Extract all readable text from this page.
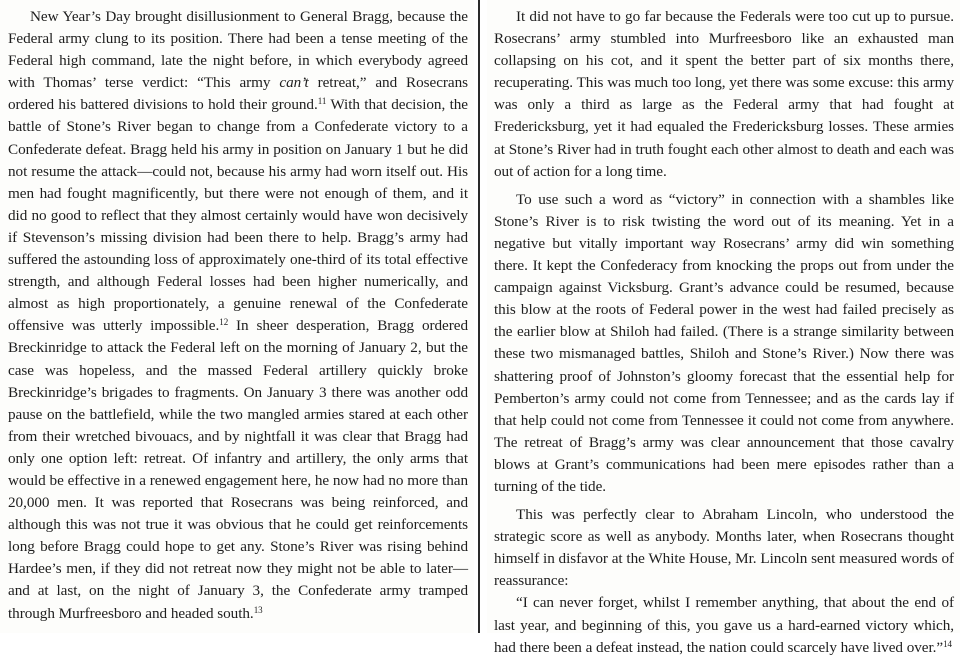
New Year’s Day brought disillusionment to General Bragg, because the Federal army clung to its position. There had been a tense meeting of the Federal high command, late the night before, in which everybody agreed with Thomas’ terse verdict: “This army can’t retreat,” and Rosecrans ordered his battered divisions to hold their ground.$^{11}$ With that decision, the battle of Stone’s River began to change from a Confederate victory to a Confederate defeat. Bragg held his army in position on January 1 but he did not resume the attack—could not, because his army had worn itself out. His men had fought magnificently, but there were not enough of them, and it did no good to reflect that they almost certainly would have won decisively if Stevenson’s missing division had been there to help. Bragg’s army had suffered the astounding loss of approximately one-third of its total effective strength, and although Federal losses had been higher numerically, and almost as high proportionately, a genuine renewal of the Confederate offensive was utterly impossible.$^{12}$ In sheer desperation, Bragg ordered Breckinridge to attack the Federal left on the morning of January 2, but the case was hopeless, and the massed Federal artillery quickly broke Breckinridge’s brigades to fragments. On January 3 there was another odd pause on the battlefield, while the two mangled armies stared at each other from their wretched bivouacs, and by nightfall it was clear that Bragg had only one option left: retreat. Of infantry and artillery, the only arms that would be effective in a renewed engagement here, he now had no more than 20,000 men. It was reported that Rosecrans was being reinforced, and although this was not true it was obvious that he could get reinforcements long before Bragg could hope to get any. Stone’s River was rising behind Hardee’s men, if they did not retreat now they might not be able to later—and at last, on the night of January 3, the Confederate army tramped through Murfreesboro and headed south.$^{13}$

It did not have to go far because the Federals were too cut up to pursue. Rosecrans’ army stumbled into Murfreesboro like an exhausted man collapsing on his cot, and it spent the better part of six months there, recuperating. This was much too long, yet there was some excuse: this army was only a third as large as the Federal army that had fought at Fredericksburg, yet it had equaled the Fredericksburg losses. These armies at Stone’s River had in truth fought each other almost to death and each was out of action for a long time.

To use such a word as “victory” in connection with a shambles like Stone’s River is to risk twisting the word out of its meaning. Yet in a negative but vitally important way Rosecrans’ army did win something there. It kept the Confederacy from knocking the props out from under the campaign against Vicksburg. Grant’s advance could be resumed, because this blow at the roots of Federal power in the west had failed precisely as the earlier blow at Shiloh had failed. (There is a strange similarity between these two mismanaged battles, Shiloh and Stone’s River.) Now there was shattering proof of Johnston’s gloomy forecast that the essential help for Pemberton’s army could not come from Tennessee; and as the cards lay if that help could not come from Tennessee it could not come from anywhere. The retreat of Bragg’s army was clear announcement that those cavalry blows at Grant’s communications had been mere episodes rather than a turning of the tide.

This was perfectly clear to Abraham Lincoln, who understood the strategic score as well as anybody. Months later, when Rosecrans thought himself in disfavor at the White House, Mr. Lincoln sent measured words of reassurance:

“I can never forget, whilst I remember anything, that about the end of last year, and beginning of this, you gave us a hard-earned victory which, had there been a defeat instead, the nation could scarcely have lived over.”$^{14}$
